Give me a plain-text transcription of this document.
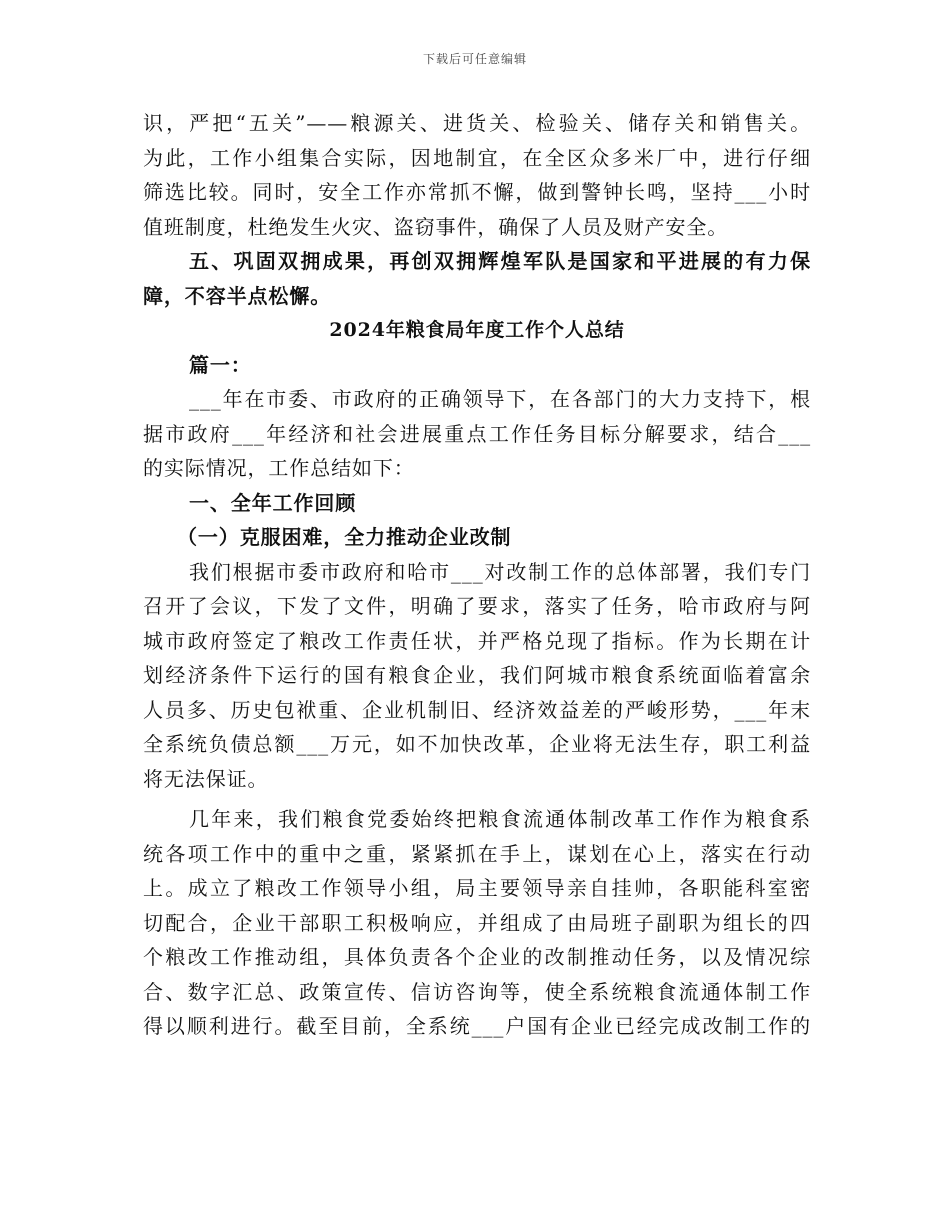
下载后可任意编辑
识，严把“五关”——粮源关、进货关、检验关、储存关和销售关。
为此，工作小组集合实际，因地制宜，在全区众多米厂中，进行仔细
筛选比较。同时，安全工作亦常抓不懈，做到警钟长鸣，坚持___小时
值班制度，杜绝发生火灾、盗窃事件，确保了人员及财产安全。
五、巩固双拥成果，再创双拥辉煌军队是国家和平进展的有力保
障，不容半点松懈。
2024年粮食局年度工作个人总结
篇一：
___年在市委、市政府的正确领导下，在各部门的大力支持下，根
据市政府___年经济和社会进展重点工作任务目标分解要求，结合___
的实际情况，工作总结如下：
一、全年工作回顾
（一）克服困难，全力推动企业改制
我们根据市委市政府和哈市___对改制工作的总体部署，我们专门
召开了会议，下发了文件，明确了要求，落实了任务，哈市政府与阿
城市政府签定了粮改工作责任状，并严格兑现了指标。作为长期在计
划经济条件下运行的国有粮食企业，我们阿城市粮食系统面临着富余
人员多、历史包袱重、企业机制旧、经济效益差的严峻形势，___年末
全系统负债总额___万元，如不加快改革，企业将无法生存，职工利益
将无法保证。
几年来，我们粮食党委始终把粮食流通体制改革工作作为粮食系
统各项工作中的重中之重，紧紧抓在手上，谋划在心上，落实在行动
上。成立了粮改工作领导小组，局主要领导亲自挂帅，各职能科室密
切配合，企业干部职工积极响应，并组成了由局班子副职为组长的四
个粮改工作推动组，具体负责各个企业的改制推动任务，以及情况综
合、数字汇总、政策宣传、信访咨询等，使全系统粮食流通体制工作
得以顺利进行。截至目前，全系统___户国有企业已经完成改制工作的
